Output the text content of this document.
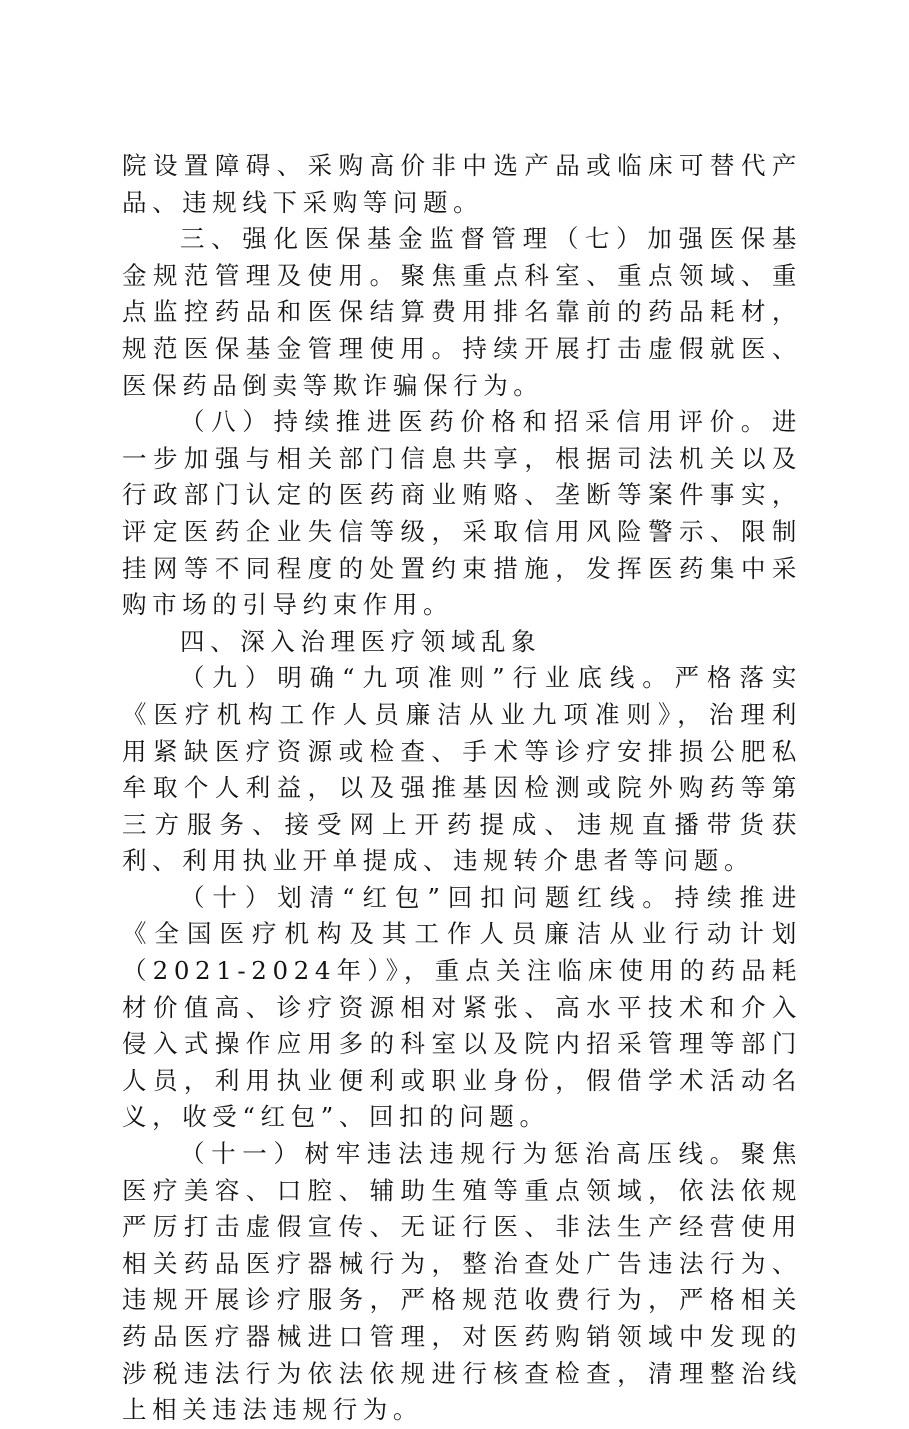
院设置障碍、采购高价非中选产品或临床可替代产品、违规线下采购等问题。

三、强化医保基金监督管理（七）加强医保基金规范管理及使用。聚焦重点科室、重点领域、重点监控药品和医保结算费用排名靠前的药品耗材，规范医保基金管理使用。持续开展打击虚假就医、医保药品倒卖等欺诈骗保行为。

（八）持续推进医药价格和招采信用评价。进一步加强与相关部门信息共享，根据司法机关以及行政部门认定的医药商业贿赂、垄断等案件事实，评定医药企业失信等级，采取信用风险警示、限制挂网等不同程度的处置约束措施，发挥医药集中采购市场的引导约束作用。

四、深入治理医疗领域乱象

（九）明确“九项准则”行业底线。严格落实《医疗机构工作人员廉洁从业九项准则》，治理利用紧缺医疗资源或检查、手术等诊疗安排损公肥私牟取个人利益，以及强推基因检测或院外购药等第三方服务、接受网上开药提成、违规直播带货获利、利用执业开单提成、违规转介患者等问题。

（十）划清“红包”回扣问题红线。持续推进《全国医疗机构及其工作人员廉洁从业行动计划（2021-2024年）》，重点关注临床使用的药品耗材价值高、诊疗资源相对紧张、高水平技术和介入侵入式操作应用多的科室以及院内招采管理等部门人员，利用执业便利或职业身份，假借学术活动名义，收受“红包”、回扣的问题。

（十一）树牢违法违规行为惩治高压线。聚焦医疗美容、口腔、辅助生殖等重点领域，依法依规严厉打击虚假宣传、无证行医、非法生产经营使用相关药品医疗器械行为，整治查处广告违法行为、违规开展诊疗服务，严格规范收费行为，严格相关药品医疗器械进口管理，对医药购销领域中发现的涉税违法行为依法依规进行核查检查，清理整治线上相关违法违规行为。
